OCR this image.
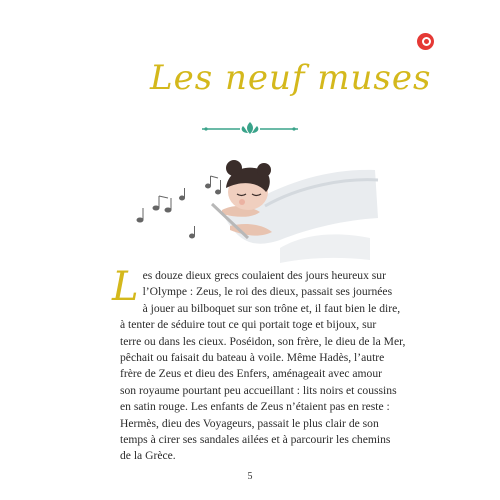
Les neuf muses
L es douze dieux grecs coulaient des jours heureux sur
l’Olympe : Zeus, le roi des dieux, passait ses journées
à jouer au bilboquet sur son trône et, il faut bien le dire,
à tenter de séduire tout ce qui portait toge et bijoux, sur
terre ou dans les cieux. Poséidon, son frère, le dieu de la Mer,
pêchait ou faisait du bateau à voile. Même Hadès, l’autre
frère de Zeus et dieu des Enfers, aménageait avec amour
son royaume pourtant peu accueillant : lits noirs et coussins
en satin rouge. Les enfants de Zeus n’étaient pas en reste :
Hermès, dieu des Voyageurs, passait le plus clair de son
temps à cirer ses sandales ailées et à parcourir les chemins
de la Grèce.
5
